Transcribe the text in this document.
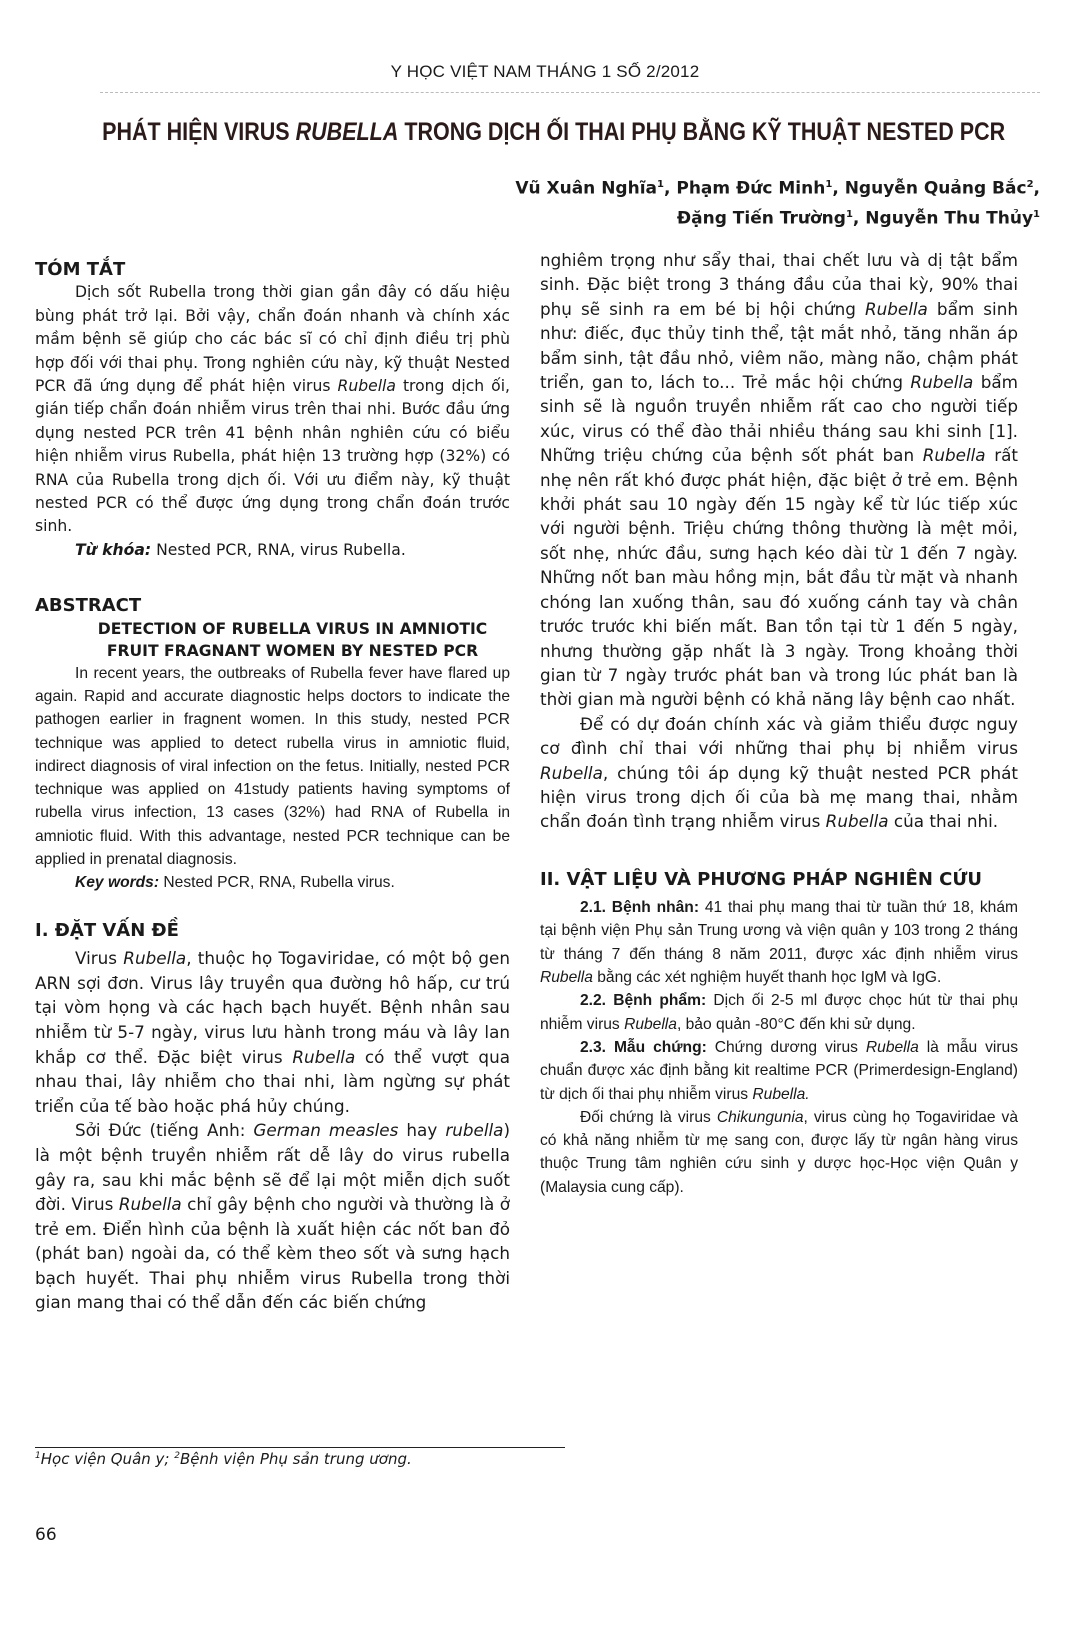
Y HỌC VIỆT NAM THÁNG 1 SỐ 2/2012
PHÁT HIỆN VIRUS RUBELLA TRONG DỊCH ỐI THAI PHỤ BẰNG KỸ THUẬT NESTED PCR
Vũ Xuân Nghĩa$^1$, Phạm Đức Minh$^1$, Nguyễn Quảng Bắc$^2$,
Đặng Tiến Trường$^1$, Nguyễn Thu Thủy$^1$
TÓM TẮT

Dịch sốt Rubella trong thời gian gần đây có dấu hiệu bùng phát trở lại. Bởi vậy, chẩn đoán nhanh và chính xác mầm bệnh sẽ giúp cho các bác sĩ có chỉ định điều trị phù hợp đối với thai phụ. Trong nghiên cứu này, kỹ thuật Nested PCR đã ứng dụng để phát hiện virus Rubella trong dịch ối, gián tiếp chẩn đoán nhiễm virus trên thai nhi. Bước đầu ứng dụng nested PCR trên 41 bệnh nhân nghiên cứu có biểu hiện nhiễm virus Rubella, phát hiện 13 trường hợp (32%) có RNA của Rubella trong dịch ối. Với ưu điểm này, kỹ thuật nested PCR có thể được ứng dụng trong chẩn đoán trước sinh.

Từ khóa: Nested PCR, RNA, virus Rubella.

ABSTRACT

DETECTION OF RUBELLA VIRUS IN AMNIOTIC

FRUIT FRAGNANT WOMEN BY NESTED PCR

In recent years, the outbreaks of Rubella fever have flared up again. Rapid and accurate diagnostic helps doctors to indicate the pathogen earlier in fragnent women. In this study, nested PCR technique was applied to detect rubella virus in amniotic fluid, indirect diagnosis of viral infection on the fetus. Initially, nested PCR technique was applied on 41study patients having symptoms of rubella virus infection, 13 cases (32%) had RNA of Rubella in amniotic fluid. With this advantage, nested PCR technique can be applied in prenatal diagnosis.

Key words: Nested PCR, RNA, Rubella virus.

I. ĐẶT VẤN ĐỀ

Virus Rubella, thuộc họ Togaviridae, có một bộ gen ARN sợi đơn. Virus lây truyền qua đường hô hấp, cư trú tại vòm họng và các hạch bạch huyết. Bệnh nhân sau nhiễm từ 5-7 ngày, virus lưu hành trong máu và lây lan khắp cơ thể. Đặc biệt virus Rubella có thể vượt qua nhau thai, lây nhiễm cho thai nhi, làm ngừng sự phát triển của tế bào hoặc phá hủy chúng.

Sởi Đức (tiếng Anh: German measles hay rubella) là một bệnh truyền nhiễm rất dễ lây do virus rubella gây ra, sau khi mắc bệnh sẽ để lại một miễn dịch suốt đời. Virus Rubella chỉ gây bệnh cho người và thường là ở trẻ em. Điển hình của bệnh là xuất hiện các nốt ban đỏ (phát ban) ngoài da, có thể kèm theo sốt và sưng hạch bạch huyết. Thai phụ nhiễm virus Rubella trong thời gian mang thai có thể dẫn đến các biến chứng

nghiêm trọng như sẩy thai, thai chết lưu và dị tật bẩm sinh. Đặc biệt trong 3 tháng đầu của thai kỳ, 90% thai phụ sẽ sinh ra em bé bị hội chứng Rubella bẩm sinh như: điếc, đục thủy tinh thể, tật mắt nhỏ, tăng nhãn áp bẩm sinh, tật đầu nhỏ, viêm não, màng não, chậm phát triển, gan to, lách to... Trẻ mắc hội chứng Rubella bẩm sinh sẽ là nguồn truyền nhiễm rất cao cho người tiếp xúc, virus có thể đào thải nhiều tháng sau khi sinh [1]. Những triệu chứng của bệnh sốt phát ban Rubella rất nhẹ nên rất khó được phát hiện, đặc biệt ở trẻ em. Bệnh khởi phát sau 10 ngày đến 15 ngày kể từ lúc tiếp xúc với người bệnh. Triệu chứng thông thường là mệt mỏi, sốt nhẹ, nhức đầu, sưng hạch kéo dài từ 1 đến 7 ngày. Những nốt ban màu hồng mịn, bắt đầu từ mặt và nhanh chóng lan xuống thân, sau đó xuống cánh tay và chân trước trước khi biến mất. Ban tồn tại từ 1 đến 5 ngày, nhưng thường gặp nhất là 3 ngày. Trong khoảng thời gian từ 7 ngày trước phát ban và trong lúc phát ban là thời gian mà người bệnh có khả năng lây bệnh cao nhất.

Để có dự đoán chính xác và giảm thiểu được nguy cơ đình chỉ thai với những thai phụ bị nhiễm virus Rubella, chúng tôi áp dụng kỹ thuật nested PCR phát hiện virus trong dịch ối của bà mẹ mang thai, nhằm chẩn đoán tình trạng nhiễm virus Rubella của thai nhi.

II. VẬT LIỆU VÀ PHƯƠNG PHÁP NGHIÊN CỨU

2.1. Bệnh nhân: 41 thai phụ mang thai từ tuần thứ 18, khám tại bệnh viện Phụ sản Trung ương và viện quân y 103 trong 2 tháng từ tháng 7 đến tháng 8 năm 2011, được xác định nhiễm virus Rubella bằng các xét nghiệm huyết thanh học IgM và IgG.

2.2. Bệnh phẩm: Dịch ối 2-5 ml được chọc hút từ thai phụ nhiễm virus Rubella, bảo quản -80°C đến khi sử dụng.

2.3. Mẫu chứng: Chứng dương virus Rubella là mẫu virus chuẩn được xác định bằng kit realtime PCR (Primerdesign-England) từ dịch ối thai phụ nhiễm virus Rubella.

Đối chứng là virus Chikungunia, virus cùng họ Togaviridae và có khả năng nhiễm từ mẹ sang con, được lấy từ ngân hàng virus thuộc Trung tâm nghiên cứu sinh y dược học-Học viện Quân y (Malaysia cung cấp).

$^1$Học viện Quân y; $^2$Bệnh viện Phụ sản trung ương.
66
